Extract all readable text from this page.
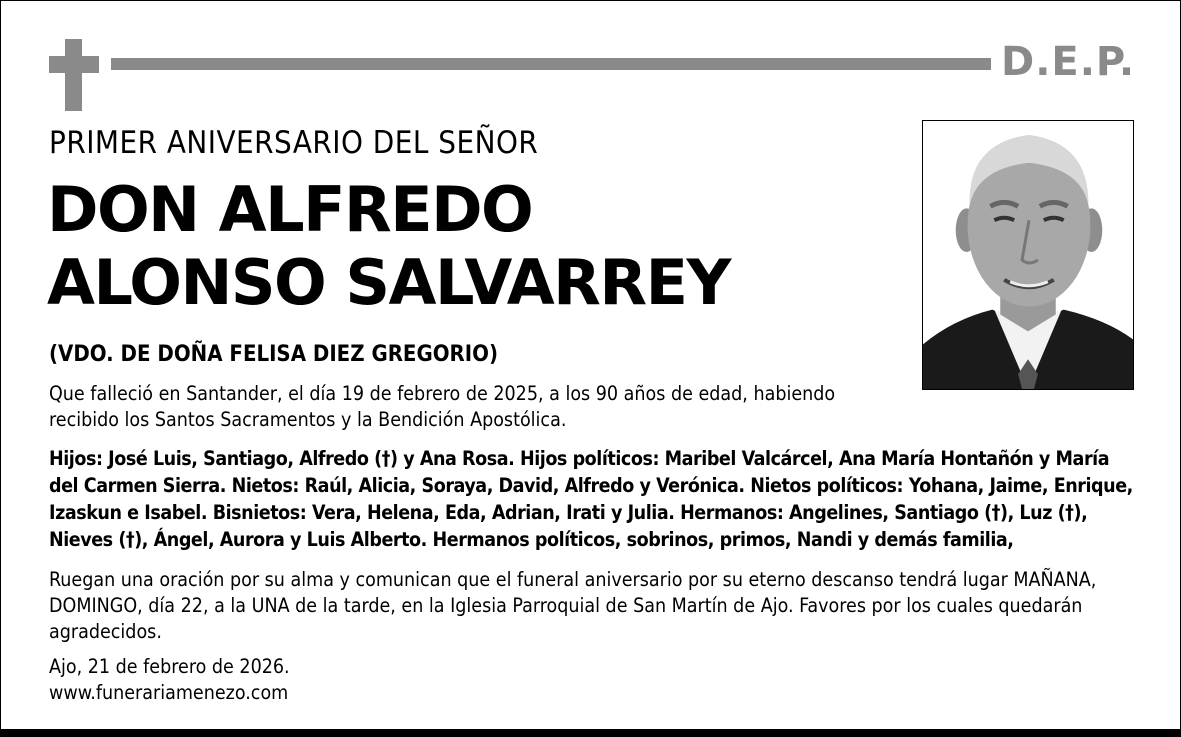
D.E.P.
PRIMER ANIVERSARIO DEL SEÑOR
DON ALFREDO
ALONSO SALVARREY
(VDO. DE DOÑA FELISA DIEZ GREGORIO)
Que falleció en Santander, el día 19 de febrero de 2025, a los 90 años de edad, habiendo recibido los Santos Sacramentos y la Bendición Apostólica.
Hijos: José Luis, Santiago, Alfredo (†) y Ana Rosa. Hijos políticos: Maribel Valcárcel, Ana María Hontañón y María del Carmen Sierra. Nietos: Raúl, Alicia, Soraya, David, Alfredo y Verónica. Nietos políticos: Yohana, Jaime, Enrique, Izaskun e Isabel. Bisnietos: Vera, Helena, Eda, Adrian, Irati y Julia. Hermanos: Angelines, Santiago (†), Luz (†), Nieves (†), Ángel, Aurora y Luis Alberto. Hermanos políticos, sobrinos, primos, Nandi y demás familia,
Ruegan una oración por su alma y comunican que el funeral aniversario por su eterno descanso tendrá lugar MAÑANA, DOMINGO, día 22, a la UNA de la tarde, en la Iglesia Parroquial de San Martín de Ajo. Favores por los cuales quedarán agradecidos.
Ajo, 21 de febrero de 2026.
www.funerariamenezo.com
